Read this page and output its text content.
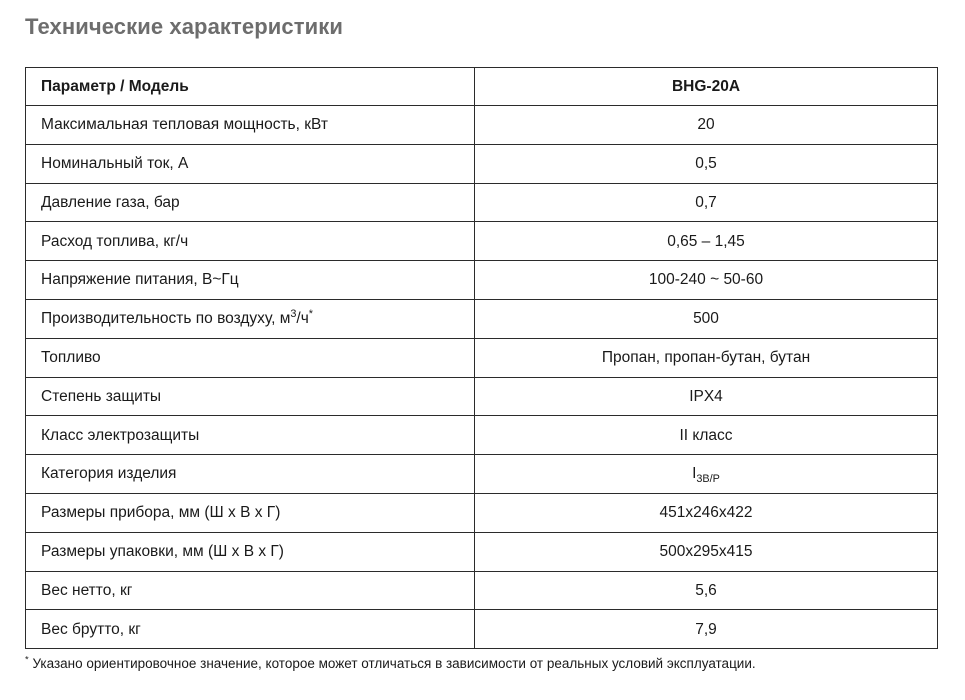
Технические характеристики
Параметр / Модель	BHG-20A
Максимальная тепловая мощность, кВт	20
Номинальный ток, А	0,5
Давление газа, бар	0,7
Расход топлива, кг/ч	0,65 – 1,45
Напряжение питания, В~Гц	100-240 ~ 50-60
Производительность по воздуху, $м^3/ч^*$	500
Топливо	Пропан, пропан-бутан, бутан
Степень защиты	IPX4
Класс электрозащиты	II класс
Категория изделия	$I_{3B/P}$
Размеры прибора, мм (Ш x В x Г)	451x246x422
Размеры упаковки, мм (Ш x В x Г)	500x295x415
Вес нетто, кг	5,6
Вес брутто, кг	7,9
* Указано ориентировочное значение, которое может отличаться в зависимости от реальных условий эксплуатации.
